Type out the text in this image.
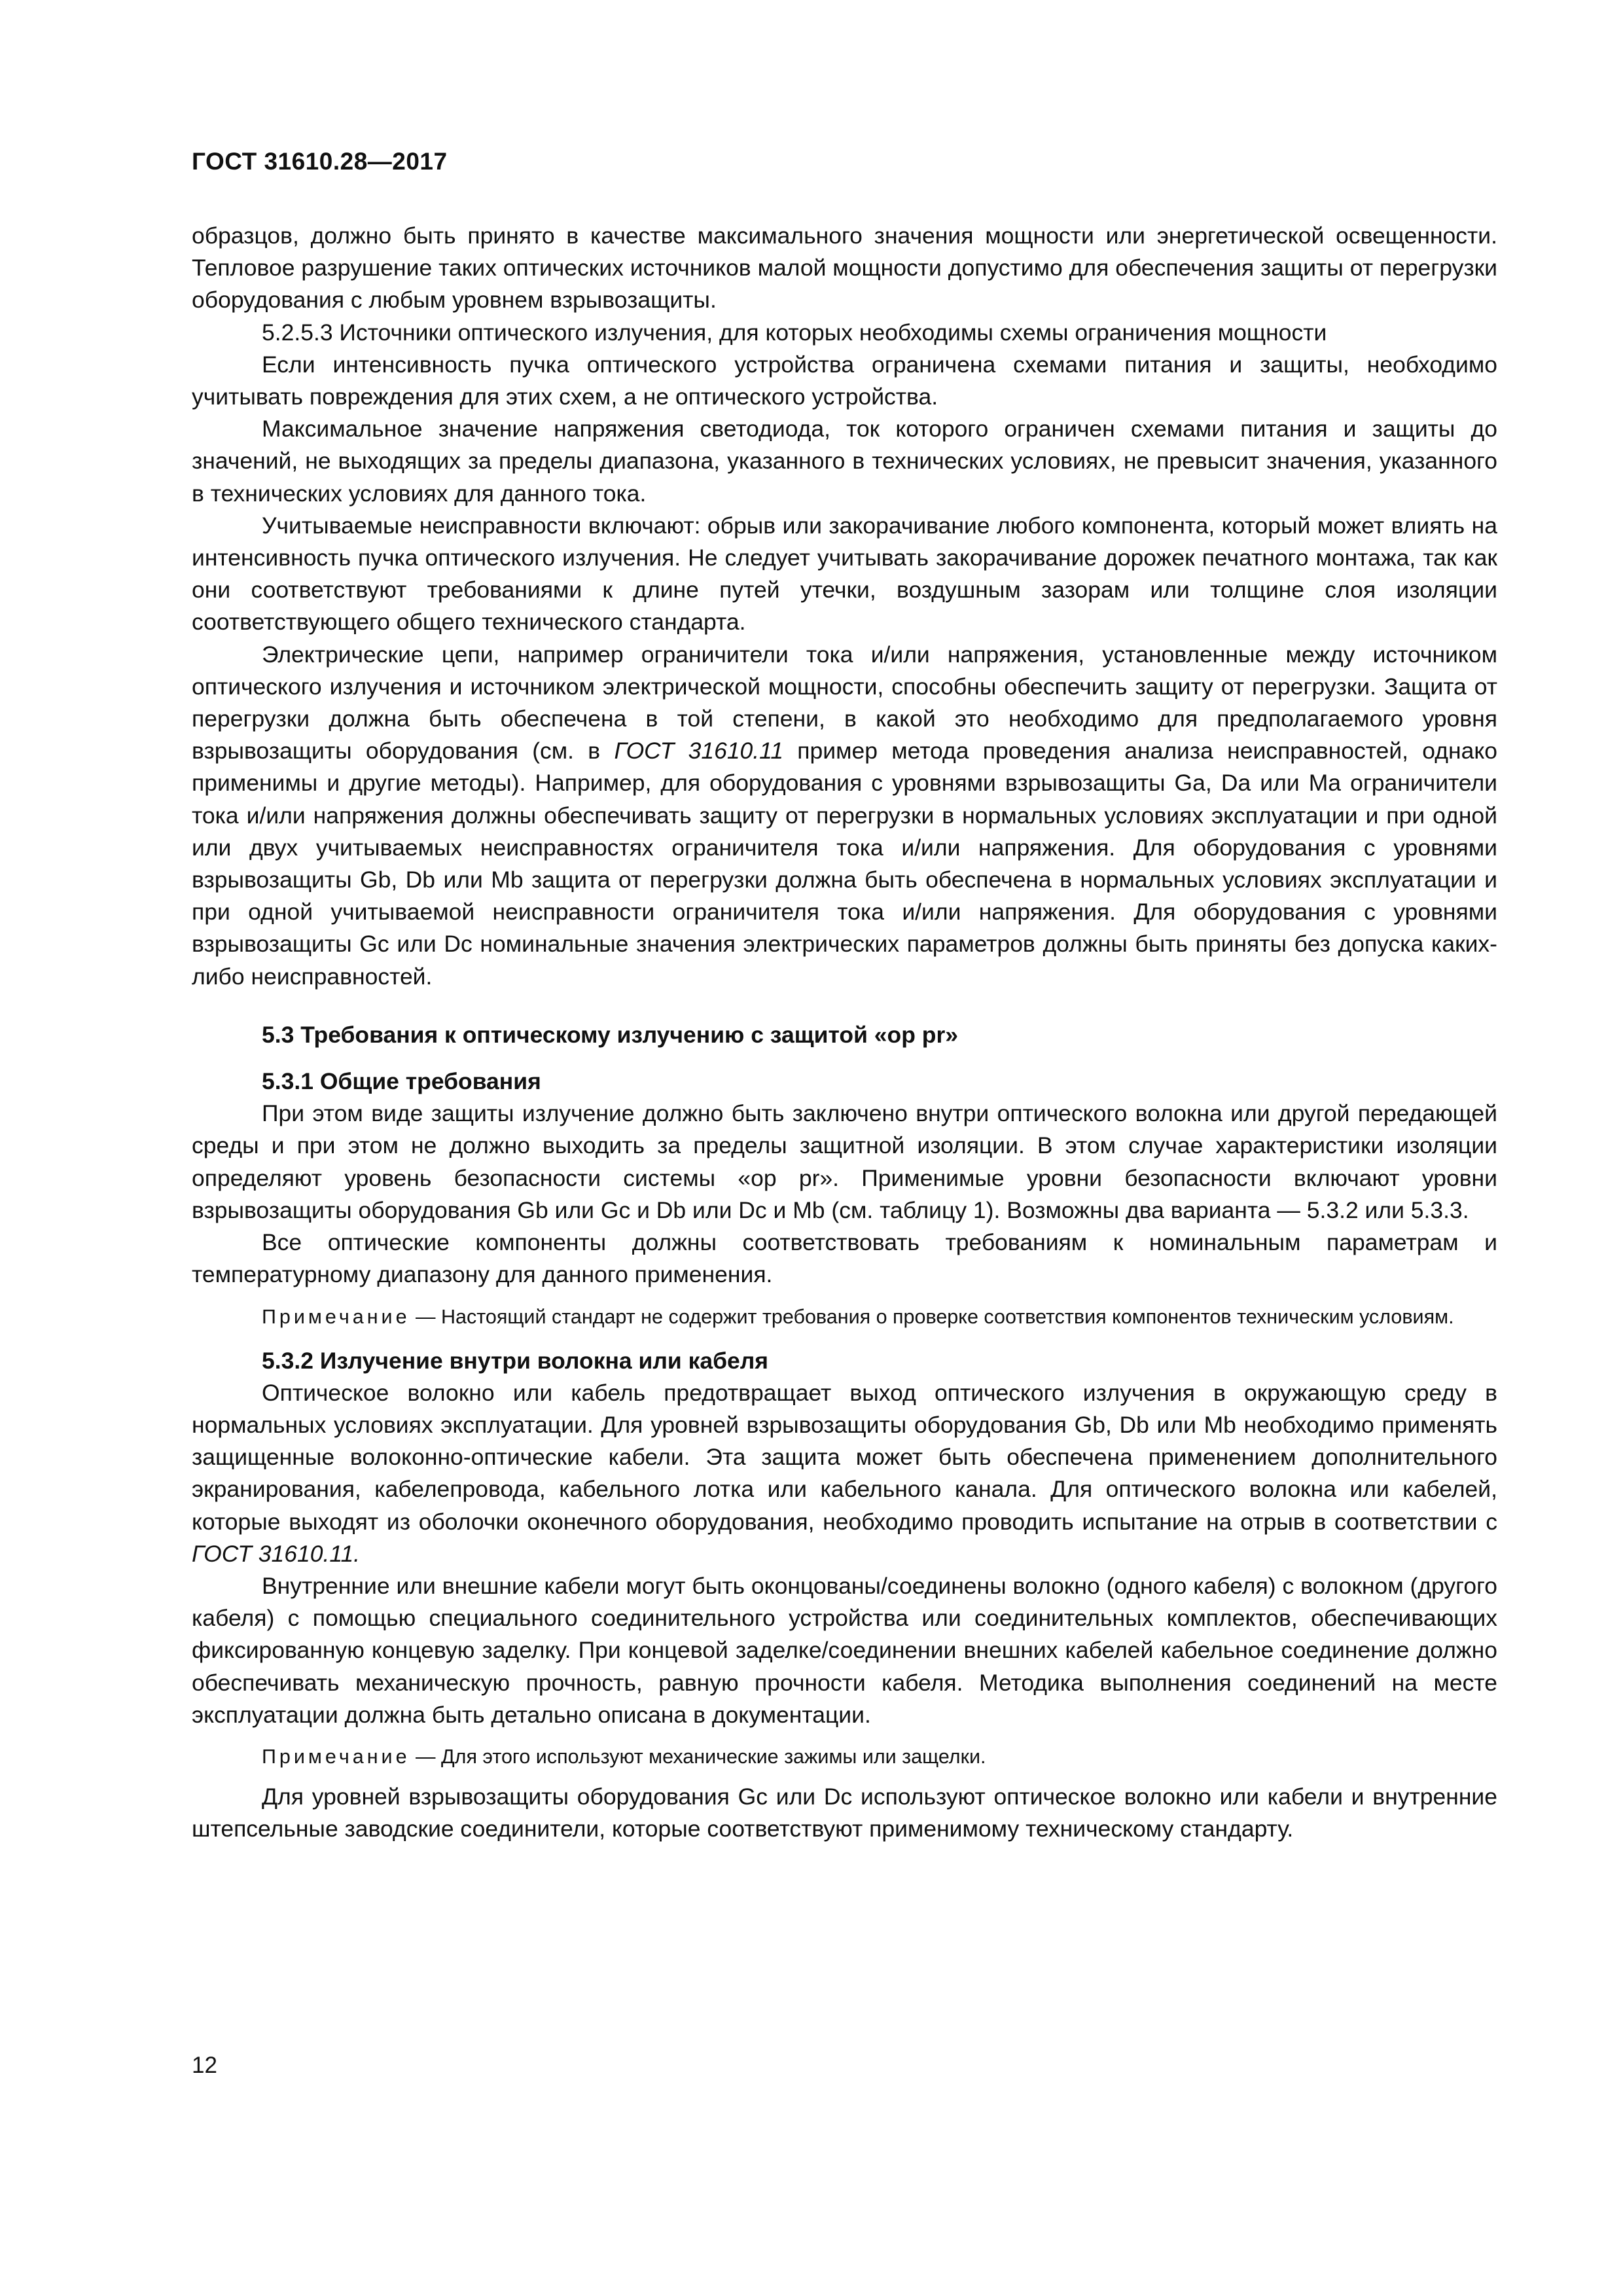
ГОСТ 31610.28—2017

образцов, должно быть принято в качестве максимального значения мощности или энергетической освещенности. Тепловое разрушение таких оптических источников малой мощности допустимо для обеспечения защиты от перегрузки оборудования с любым уровнем взрывозащиты.

5.2.5.3 Источники оптического излучения, для которых необходимы схемы ограничения мощности

Если интенсивность пучка оптического устройства ограничена схемами питания и защиты, необходимо учитывать повреждения для этих схем, а не оптического устройства.

Максимальное значение напряжения светодиода, ток которого ограничен схемами питания и защиты до значений, не выходящих за пределы диапазона, указанного в технических условиях, не превысит значения, указанного в технических условиях для данного тока.

Учитываемые неисправности включают: обрыв или закорачивание любого компонента, который может влиять на интенсивность пучка оптического излучения. Не следует учитывать закорачивание дорожек печатного монтажа, так как они соответствуют требованиями к длине путей утечки, воздушным зазорам или толщине слоя изоляции соответствующего общего технического стандарта.

Электрические цепи, например ограничители тока и/или напряжения, установленные между источником оптического излучения и источником электрической мощности, способны обеспечить защиту от перегрузки. Защита от перегрузки должна быть обеспечена в той степени, в какой это необходимо для предполагаемого уровня взрывозащиты оборудования (см. в ГОСТ 31610.11 пример метода проведения анализа неисправностей, однако применимы и другие методы). Например, для оборудования с уровнями взрывозащиты Ga, Da или Ma ограничители тока и/или напряжения должны обеспечивать защиту от перегрузки в нормальных условиях эксплуатации и при одной или двух учитываемых неисправностях ограничителя тока и/или напряжения. Для оборудования с уровнями взрывозащиты Gb, Db или Mb защита от перегрузки должна быть обеспечена в нормальных условиях эксплуатации и при одной учитываемой неисправности ограничителя тока и/или напряжения. Для оборудования с уровнями взрывозащиты Gc или Dc номинальные значения электрических параметров должны быть приняты без допуска каких-либо неисправностей.

5.3 Требования к оптическому излучению с защитой «op pr»

5.3.1 Общие требования

При этом виде защиты излучение должно быть заключено внутри оптического волокна или другой передающей среды и при этом не должно выходить за пределы защитной изоляции. В этом случае характеристики изоляции определяют уровень безопасности системы «op pr». Применимые уровни безопасности включают уровни взрывозащиты оборудования Gb или Gc и Db или Dc и Mb (см. таблицу 1). Возможны два варианта — 5.3.2 или 5.3.3.

Все оптические компоненты должны соответствовать требованиям к номинальным параметрам и температурному диапазону для данного применения.

Примечание — Настоящий стандарт не содержит требования о проверке соответствия компонентов техническим условиям.

5.3.2 Излучение внутри волокна или кабеля

Оптическое волокно или кабель предотвращает выход оптического излучения в окружающую среду в нормальных условиях эксплуатации. Для уровней взрывозащиты оборудования Gb, Db или Mb необходимо применять защищенные волоконно-оптические кабели. Эта защита может быть обеспечена применением дополнительного экранирования, кабелепровода, кабельного лотка или кабельного канала. Для оптического волокна или кабелей, которые выходят из оболочки оконечного оборудования, необходимо проводить испытание на отрыв в соответствии с ГОСТ 31610.11.

Внутренние или внешние кабели могут быть оконцованы/соединены волокно (одного кабеля) с волокном (другого кабеля) с помощью специального соединительного устройства или соединительных комплектов, обеспечивающих фиксированную концевую заделку. При концевой заделке/соединении внешних кабелей кабельное соединение должно обеспечивать механическую прочность, равную прочности кабеля. Методика выполнения соединений на месте эксплуатации должна быть детально описана в документации.

Примечание — Для этого используют механические зажимы или защелки.

Для уровней взрывозащиты оборудования Gc или Dc используют оптическое волокно или кабели и внутренние штепсельные заводские соединители, которые соответствуют применимому техническому стандарту.

12
